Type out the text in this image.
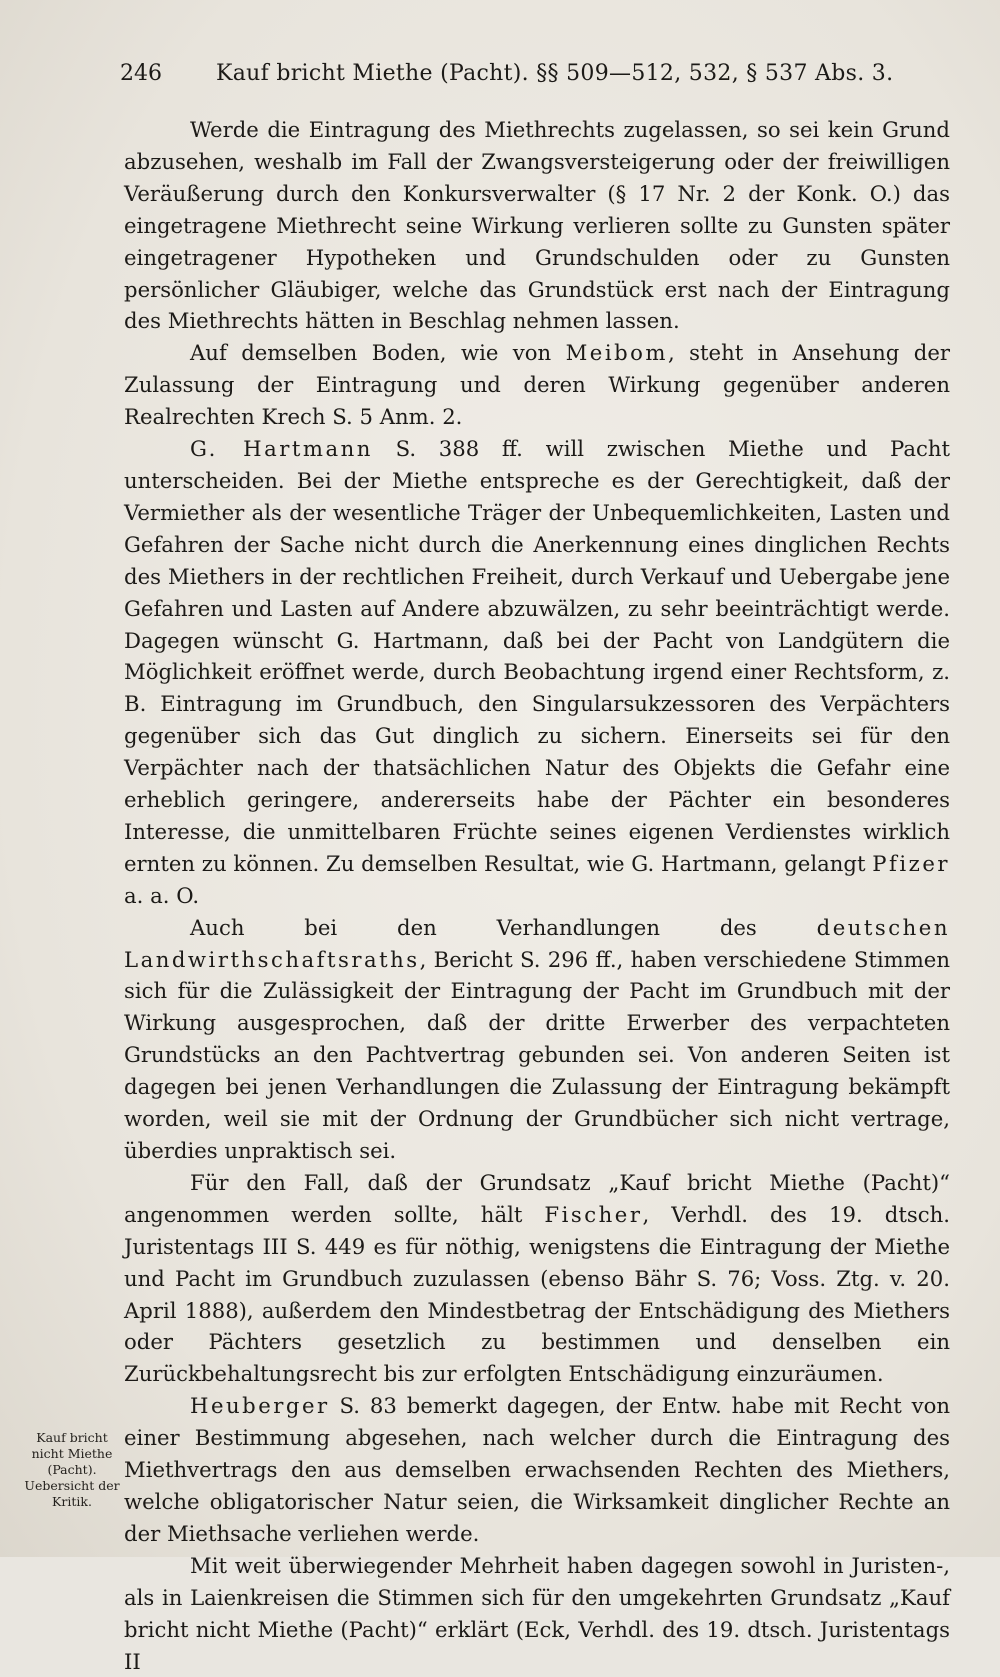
246 Kauf bricht Miethe (Pacht). §§ 509—512, 532, § 537 Abs. 3.

Werde die Eintragung des Miethrechts zugelassen, so sei kein Grund abzusehen, weshalb im Fall der Zwangsversteigerung oder der freiwilligen Veräußerung durch den Konkursverwalter (§ 17 Nr. 2 der Konk. O.) das eingetragene Miethrecht seine Wirkung verlieren sollte zu Gunsten später eingetragener Hypotheken und Grundschulden oder zu Gunsten persönlicher Gläubiger, welche das Grundstück erst nach der Eintragung des Miethrechts hätten in Beschlag nehmen lassen.

Auf demselben Boden, wie von Meibom, steht in Ansehung der Zulassung der Eintragung und deren Wirkung gegenüber anderen Realrechten Krech S. 5 Anm. 2.

G. Hartmann S. 388 ff. will zwischen Miethe und Pacht unterscheiden. Bei der Miethe entspreche es der Gerechtigkeit, daß der Vermiether als der wesentliche Träger der Unbequemlichkeiten, Lasten und Gefahren der Sache nicht durch die Anerkennung eines dinglichen Rechts des Miethers in der rechtlichen Freiheit, durch Verkauf und Uebergabe jene Gefahren und Lasten auf Andere abzuwälzen, zu sehr beeinträchtigt werde. Dagegen wünscht G. Hartmann, daß bei der Pacht von Landgütern die Möglichkeit eröffnet werde, durch Beobachtung irgend einer Rechtsform, z. B. Eintragung im Grundbuch, den Singularsukzessoren des Verpächters gegenüber sich das Gut dinglich zu sichern. Einerseits sei für den Verpächter nach der thatsächlichen Natur des Objekts die Gefahr eine erheblich geringere, andererseits habe der Pächter ein besonderes Interesse, die unmittelbaren Früchte seines eigenen Verdienstes wirklich ernten zu können. Zu demselben Resultat, wie G. Hartmann, gelangt Pfizer a. a. O.

Auch bei den Verhandlungen des deutschen Landwirthschaftsraths, Bericht S. 296 ff., haben verschiedene Stimmen sich für die Zulässigkeit der Eintragung der Pacht im Grundbuch mit der Wirkung ausgesprochen, daß der dritte Erwerber des verpachteten Grundstücks an den Pachtvertrag gebunden sei. Von anderen Seiten ist dagegen bei jenen Verhandlungen die Zulassung der Eintragung bekämpft worden, weil sie mit der Ordnung der Grundbücher sich nicht vertrage, überdies unpraktisch sei.

Für den Fall, daß der Grundsatz „Kauf bricht Miethe (Pacht)“ angenommen werden sollte, hält Fischer, Verhdl. des 19. dtsch. Juristentags III S. 449 es für nöthig, wenigstens die Eintragung der Miethe und Pacht im Grundbuch zuzulassen (ebenso Bähr S. 76; Voss. Ztg. v. 20. April 1888), außerdem den Mindestbetrag der Entschädigung des Miethers oder Pächters gesetzlich zu bestimmen und denselben ein Zurückbehaltungsrecht bis zur erfolgten Entschädigung einzuräumen.

Heuberger S. 83 bemerkt dagegen, der Entw. habe mit Recht von einer Bestimmung abgesehen, nach welcher durch die Eintragung des Miethvertrags den aus demselben erwachsenden Rechten des Miethers, welche obligatorischer Natur seien, die Wirksamkeit dinglicher Rechte an der Miethsache verliehen werde.

Mit weit überwiegender Mehrheit haben dagegen sowohl in Juristen-, als in Laienkreisen die Stimmen sich für den umgekehrten Grundsatz „Kauf bricht nicht Miethe (Pacht)“ erklärt (Eck, Verhdl. des 19. dtsch. Juristentags II

Kauf bricht
nicht Miethe
(Pacht).
Uebersicht der
Kritik.
